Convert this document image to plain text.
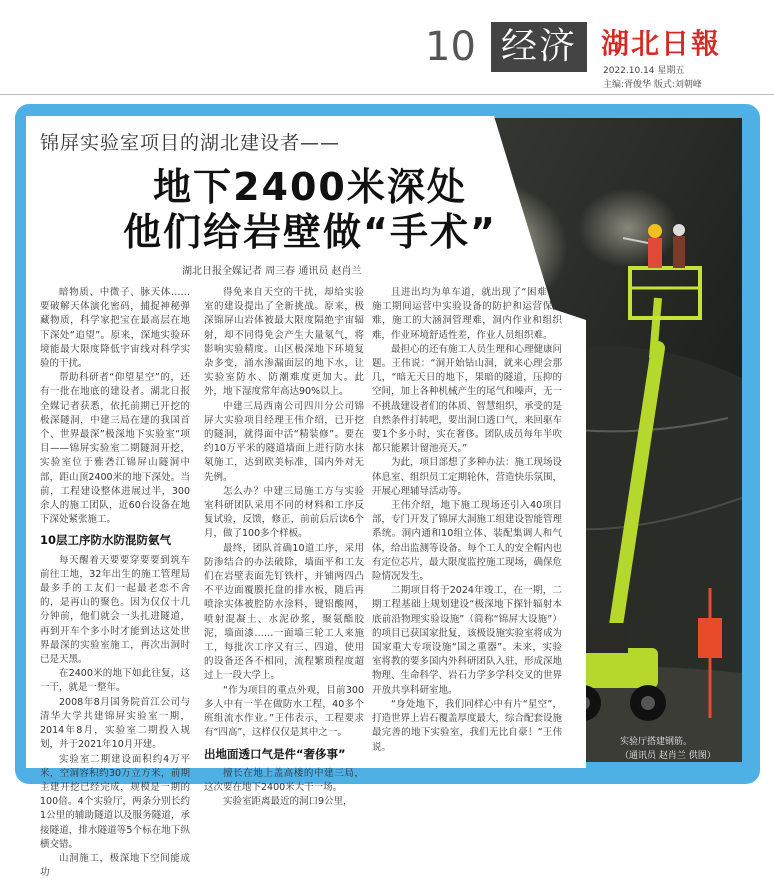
10 经济 湖北日報
2022.10.14 星期五
主编:胥俊华 版式:刘朝峰
锦屏实验室项目的湖北建设者——
地下2400米深处
他们给岩壁做“手术”
湖北日报全媒记者 周三春 通讯员 赵肖兰

暗物质、中微子、脉天体……要破解天体演化密码，捕捉神秘弹藏物质，科学家把宝在最高层在地下深处“追望”。原来，深地实验环境能最大限度降低宇宙线对科学实验的干扰。

帮助科研者“仰望星空”的，还有一批在地底的建设者。湖北日报全媒记者获悉，依托前期已开挖的极深隧洞，中建三局在建的我国首个、世界最深”极深地下实验室“项目——锦屏实验室二期隧洞开挖，实验室位于雅砻江锦屏山隧洞中部，距山顶2400米的地下深处。当前，工程建设整体进展过半，300余人的施工团队，近60台设备在地下深处紧张施工。

10层工序防水防混防氨气

每天醒着天要要穿要要到筑车前往工地，32年出生的施工管理局最多手的工友们一起最老恋不舍的，是再山的聚色。因为仅仅十几分钟前，他们就会一头扎进隧道，再到开车个多小时才能到达这处世界最深的实验室施工，再次出洞时已是天黑。

在2400米的地下如此往复，这一干，就是一整年。

2008年8月国务院首江公司与清华大学共建锦屏实验室一期，2014年8月，实验室二期投入规划，并于2021年10月开建。

实验室二期建设面积约4万平米，空洞容积约30万立方米，前期主建开挖已经完成，规模是一期的100倍。4个实验厅，两条分别长约1公里的辅助隧道以及服务隧道，承接隧道，排水隧道等5个标在地下纵横交错。

山洞施工，极深地下空间能成功

得免来自天空的干扰，却给实验室的建设提出了全新挑战。原来，极深锦屏山岩体被最大限度隔绝宇宙辐射，却不同得免会产生大量氡气，将影响实验精度。山区极深地下环境复杂多变，涌水渗漏面层的地下水，让实验室防水、防潮难度更加大。此外，地下湿度常年高达90%以上。

中建三局西南公司四川分公司锦屏大实验项目经理王伟介绍，已开挖的隧洞，就得面中活“精装修”。要在约10万平米的隧道墙面上进行防水抹氡施工，达到欧美标准，国内外对无先例。

怎么办？中建三局施工方与实验室科研团队采用不同的材料和工序反复试验，反馈，修正，前前后后读6个月，做了100多个样板。

最终，团队首确10道工序，采用防渗结合的办法破除，墙面平和工友们在岩壁表面先钉铁杆，并铺两四凸不平边面覆膜托盘的排水板，随后再喷涂实体被腔防水涂料，键铝酸网，喷射混凝土、水泥砂浆，聚氨酯胶泥，墙面漆……一面墙三轮工人来施工，每批次工序又有三、四道，使用的设备还各不相同，流程繁琐程度超过上一段大学上。

“作为项目的重点外观，目前300多人中有一半在做防水工程，40多个班组流水作业。”王伟表示，工程要求有“四高”，这样仅仅是其中之一。

出地面透口气是件“奢侈事”

擅长在地上盖高楼的中建三局，这次要在地下2400米大干一场。

实验室距离最近的洞口9公里，

且进出均为单车道，就出现了“困难”：施工期间运营中实验设备的防护和运营保障难，施工的大涵洞管理难，洞内作业和组织难，作业环境舒适性差，作业人员组织难。

最担心的还有施工人员生理和心理健康问题。王伟说：“洞开始钻山洞，就来心理会那几，“暗无天日的地下，果暗的隧道，压抑的空间，加上各种机械产生的尾气和噪声，无一不挑战建设者们的体质、智慧组织，承受的是自然条件打转吧，要出洞口透口气，来回驱车要1个多小时，实在奢侈。团队成员每年半吹都只能累计留池亮天。”

为此，项目部想了多种办法：施工现场设体息室、组织员工定期轮休，营造快乐氛围，开展心理辅导活动等。

王伟介绍，地下施工现场还引入40项目部，专门开发了锦屏大洞施工组建设智能管理系统。洞内通和10组立体、装配集调人和气体，给出监测等设备。每个工人的安全帽内也有定位芯片，最大限度监控施工现场，确保危险情况发生。

二期项目将于2024年竣工，在一期，二期工程基础上规划建设“极深地下探针辐射本底前沿物理实验设施”（简称“锦屏大设施”）的项目已获国家批复，该极设施实验室将成为国家重大专项设施“国之重器”。未来，实验室将教的要多国内外科研团队入驻，形成深地物理、生命科学、岩石力学多学科交叉的世界开放共享科研室地。

“身处地下，我们同样心中有片“星空”，打造世界上岩石覆盖厚度最大，综合配套设施最完善的地下实验室，我们无比自豪！”王伟说。	实验厅搭建钢筋。
（通讯员 赵肖兰 供图）
